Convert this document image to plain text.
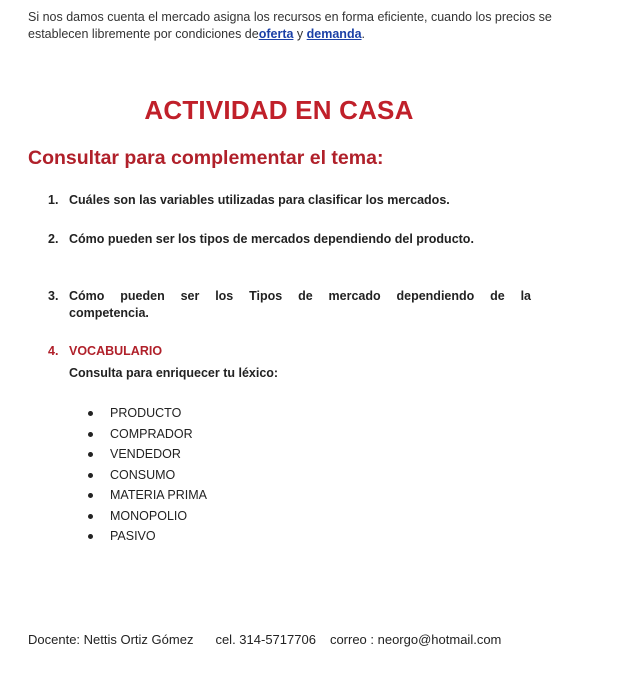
Si nos damos cuenta el mercado asigna los recursos en forma eficiente, cuando los precios se establecen libremente por condiciones deoferta y demanda.
ACTIVIDAD EN CASA
Consultar para complementar el tema:
1. Cuáles son las variables utilizadas para clasificar los mercados.
2. Cómo pueden ser los tipos de mercados dependiendo del producto.
3. Cómo pueden ser los Tipos de mercado dependiendo de la
competencia.
4. VOCABULARIO
Consulta para enriquecer tu léxico:
PRODUCTO
COMPRADOR
VENDEDOR
CONSUMO
MATERIA PRIMA
MONOPOLIO
PASIVO
Docente: Nettis Ortiz Gómez cel. 314-5717706 correo : neorgo@hotmail.com
